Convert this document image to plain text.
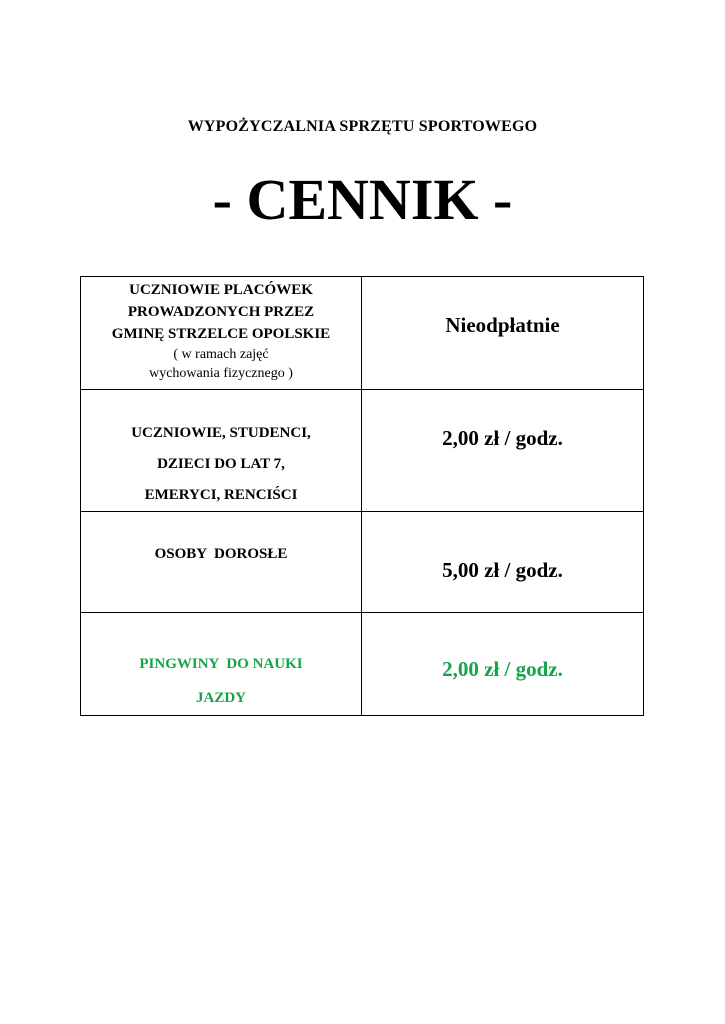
WYPOŻYCZALNIA SPRZĘTU SPORTOWEGO
- CENNIK -
UCZNIOWIE PLACÓWEK
PROWADZONYCH PRZEZ
GMINĘ STRZELCE OPOLSKIE
( w ramach zajęć
wychowania fizycznego )	Nieodpłatnie

UCZNIOWIE, STUDENCI,
DZIECI DO LAT 7,
EMERYCI, RENCIŚCI	2,00 zł / godz.

OSOBY  DOROSŁE	5,00 zł / godz.

PINGWINY  DO NAUKI
JAZDY	2,00 zł / godz.
